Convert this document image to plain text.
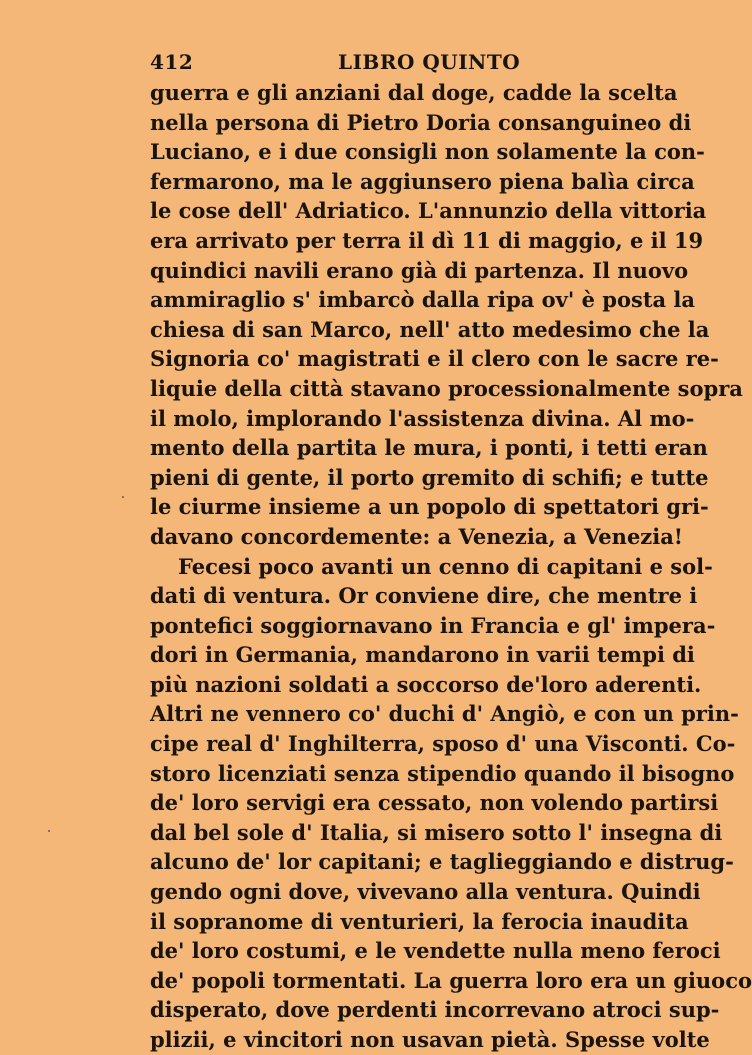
412	LIBRO QUINTO
guerra e gli anziani dal doge, cadde la scelta
nella persona di Pietro Doria consanguineo di
Luciano, e i due consigli non solamente la con-
fermarono, ma le aggiunsero piena balìa circa
le cose dell' Adriatico. L'annunzio della vittoria
era arrivato per terra il dì 11 di maggio, e il 19
quindici navili erano già di partenza. Il nuovo
ammiraglio s' imbarcò dalla ripa ov' è posta la
chiesa di san Marco, nell' atto medesimo che la
Signoria co' magistrati e il clero con le sacre re-
liquie della città stavano processionalmente sopra
il molo, implorando l'assistenza divina. Al mo-
mento della partita le mura, i ponti, i tetti eran
pieni di gente, il porto gremito di schifi; e tutte
le ciurme insieme a un popolo di spettatori gri-
davano concordemente: a Venezia, a Venezia!
Fecesi poco avanti un cenno di capitani e sol-
dati di ventura. Or conviene dire, che mentre i
pontefici soggiornavano in Francia e gl' impera-
dori in Germania, mandarono in varii tempi di
più nazioni soldati a soccorso de'loro aderenti.
Altri ne vennero co' duchi d' Angiò, e con un prin-
cipe real d' Inghilterra, sposo d' una Visconti. Co-
storo licenziati senza stipendio quando il bisogno
de' loro servigi era cessato, non volendo partirsi
dal bel sole d' Italia, si misero sotto l' insegna di
alcuno de' lor capitani; e taglieggiando e distrug-
gendo ogni dove, vivevano alla ventura. Quindi
il sopranome di venturieri, la ferocia inaudita
de' loro costumi, e le vendette nulla meno feroci
de' popoli tormentati. La guerra loro era un giuoco
disperato, dove perdenti incorrevano atroci sup-
plizii, e vincitori non usavan pietà. Spesse volte
